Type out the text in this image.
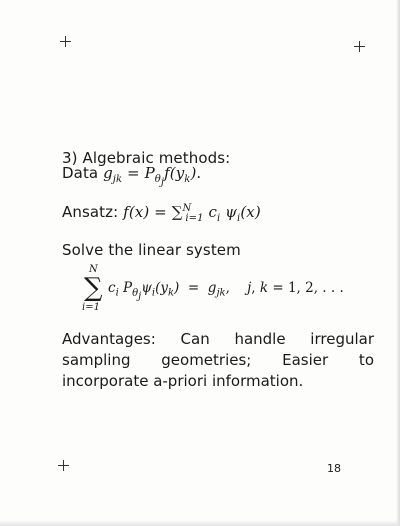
3) Algebraic methods:
Data $g_{jk} = P_{\theta_j}f(y_k)$.
Ansatz: f(x) = ∑$^N_{i=1}$ $c_i$ $\psi_i(x)$
Solve the linear system
N
∑
i=1
$c_i$ $P_{\theta_j}\psi_i(y_k) = g_{jk}$,    j, k = 1, 2, . . .
Advantages: Can handle irregular sampling geometries; Easier to incorporate a-priori information.
18
